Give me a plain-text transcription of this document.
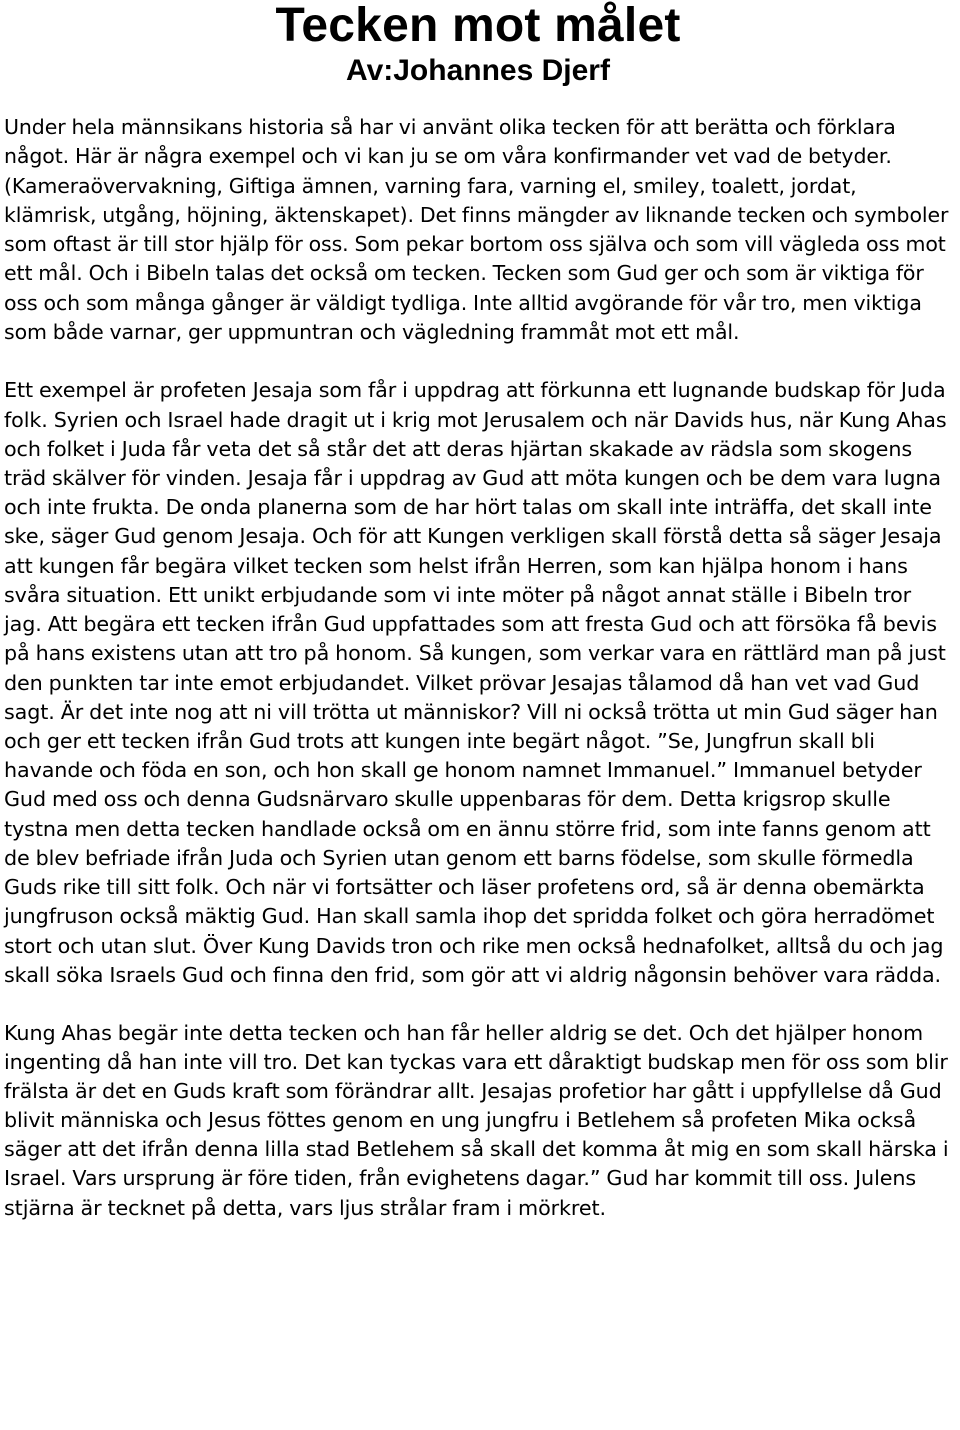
Tecken mot målet
Av:Johannes Djerf

Under hela männsikans historia så har vi använt olika tecken för att berätta och förklara något. Här är några exempel och vi kan ju se om våra konfirmander vet vad de betyder. (Kameraövervakning, Giftiga ämnen, varning fara, varning el, smiley, toalett, jordat, klämrisk, utgång, höjning, äktenskapet). Det finns mängder av liknande tecken och symboler som oftast är till stor hjälp för oss. Som pekar bortom oss själva och som vill vägleda oss mot ett mål. Och i Bibeln talas det också om tecken. Tecken som Gud ger och som är viktiga för oss och som många gånger är väldigt tydliga. Inte alltid avgörande för vår tro, men viktiga som både varnar, ger uppmuntran och vägledning frammåt mot ett mål.

Ett exempel är profeten Jesaja som får i uppdrag att förkunna ett lugnande budskap för Juda folk. Syrien och Israel hade dragit ut i krig mot Jerusalem och när Davids hus, när Kung Ahas och folket i Juda får veta det så står det att deras hjärtan skakade av rädsla som skogens träd skälver för vinden. Jesaja får i uppdrag av Gud att möta kungen och be dem vara lugna och inte frukta. De onda planerna som de har hört talas om skall inte inträffa, det skall inte ske, säger Gud genom Jesaja. Och för att Kungen verkligen skall förstå detta så säger Jesaja att kungen får begära vilket tecken som helst ifrån Herren, som kan hjälpa honom i hans svåra situation. Ett unikt erbjudande som vi inte möter på något annat ställe i Bibeln tror jag. Att begära ett tecken ifrån Gud uppfattades som att fresta Gud och att försöka få bevis på hans existens utan att tro på honom. Så kungen, som verkar vara en rättlärd man på just den punkten tar inte emot erbjudandet. Vilket prövar Jesajas tålamod då han vet vad Gud sagt. Är det inte nog att ni vill trötta ut människor? Vill ni också trötta ut min Gud säger han och ger ett tecken ifrån Gud trots att kungen inte begärt något. ”Se, Jungfrun skall bli havande och föda en son, och hon skall ge honom namnet Immanuel.” Immanuel betyder Gud med oss och denna Gudsnärvaro skulle uppenbaras för dem. Detta krigsrop skulle tystna men detta tecken handlade också om en ännu större frid, som inte fanns genom att de blev befriade ifrån Juda och Syrien utan genom ett barns födelse, som skulle förmedla Guds rike till sitt folk. Och när vi fortsätter och läser profetens ord, så är denna obemärkta jungfruson också mäktig Gud. Han skall samla ihop det spridda folket och göra herradömet stort och utan slut. Över Kung Davids tron och rike men också hednafolket, alltså du och jag skall söka Israels Gud och finna den frid, som gör att vi aldrig någonsin behöver vara rädda.

Kung Ahas begär inte detta tecken och han får heller aldrig se det. Och det hjälper honom ingenting då han inte vill tro. Det kan tyckas vara ett dåraktigt budskap men för oss som blir frälsta är det en Guds kraft som förändrar allt. Jesajas profetior har gått i uppfyllelse då Gud blivit människa och Jesus föttes genom en ung jungfru i Betlehem så profeten Mika också säger att det ifrån denna lilla stad Betlehem så skall det komma åt mig en som skall härska i Israel. Vars ursprung är före tiden, från evighetens dagar.” Gud har kommit till oss. Julens stjärna är tecknet på detta, vars ljus strålar fram i mörkret.
